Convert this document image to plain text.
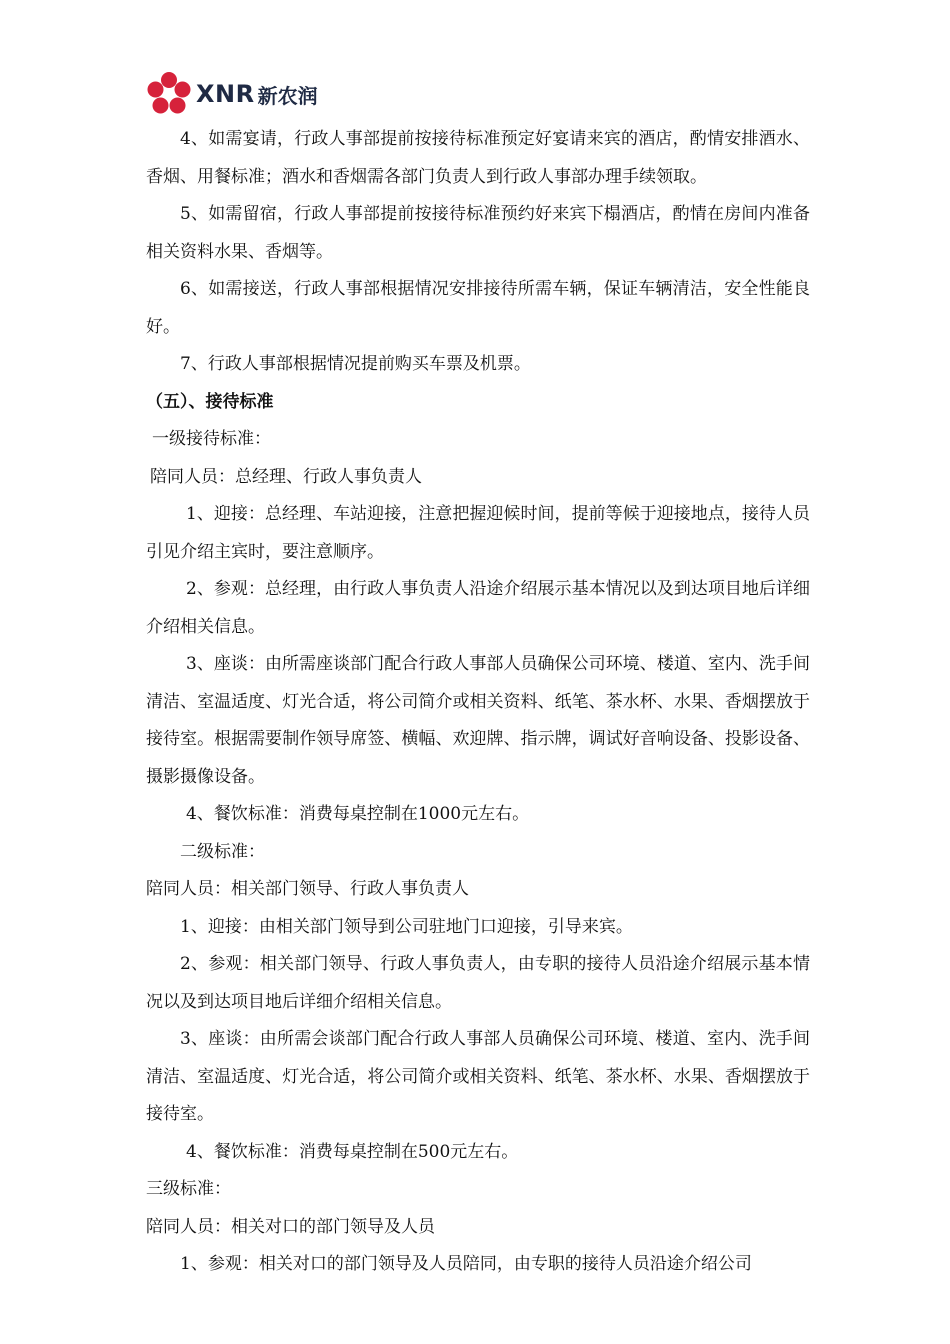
XNR 新农润

4、如需宴请，行政人事部提前按接待标准预定好宴请来宾的酒店，酌情安排酒水、香烟、用餐标准；酒水和香烟需各部门负责人到行政人事部办理手续领取。

5、如需留宿，行政人事部提前按接待标准预约好来宾下榻酒店，酌情在房间内准备相关资料水果、香烟等。

6、如需接送，行政人事部根据情况安排接待所需车辆，保证车辆清洁，安全性能良好。

7、行政人事部根据情况提前购买车票及机票。

（五）、接待标准

一级接待标准：

陪同人员：总经理、行政人事负责人

1、迎接：总经理、车站迎接，注意把握迎候时间，提前等候于迎接地点，接待人员引见介绍主宾时，要注意顺序。

2、参观：总经理，由行政人事负责人沿途介绍展示基本情况以及到达项目地后详细介绍相关信息。

3、座谈：由所需座谈部门配合行政人事部人员确保公司环境、楼道、室内、洗手间清洁、室温适度、灯光合适，将公司简介或相关资料、纸笔、茶水杯、水果、香烟摆放于接待室。根据需要制作领导席签、横幅、欢迎牌、指示牌，调试好音响设备、投影设备、摄影摄像设备。

4、餐饮标准：消费每桌控制在1000元左右。

二级标准：

陪同人员：相关部门领导、行政人事负责人

1、迎接：由相关部门领导到公司驻地门口迎接，引导来宾。

2、参观：相关部门领导、行政人事负责人，由专职的接待人员沿途介绍展示基本情况以及到达项目地后详细介绍相关信息。

3、座谈：由所需会谈部门配合行政人事部人员确保公司环境、楼道、室内、洗手间清洁、室温适度、灯光合适，将公司简介或相关资料、纸笔、茶水杯、水果、香烟摆放于接待室。

4、餐饮标准：消费每桌控制在500元左右。

三级标准：

陪同人员：相关对口的部门领导及人员

1、参观：相关对口的部门领导及人员陪同，由专职的接待人员沿途介绍公司
